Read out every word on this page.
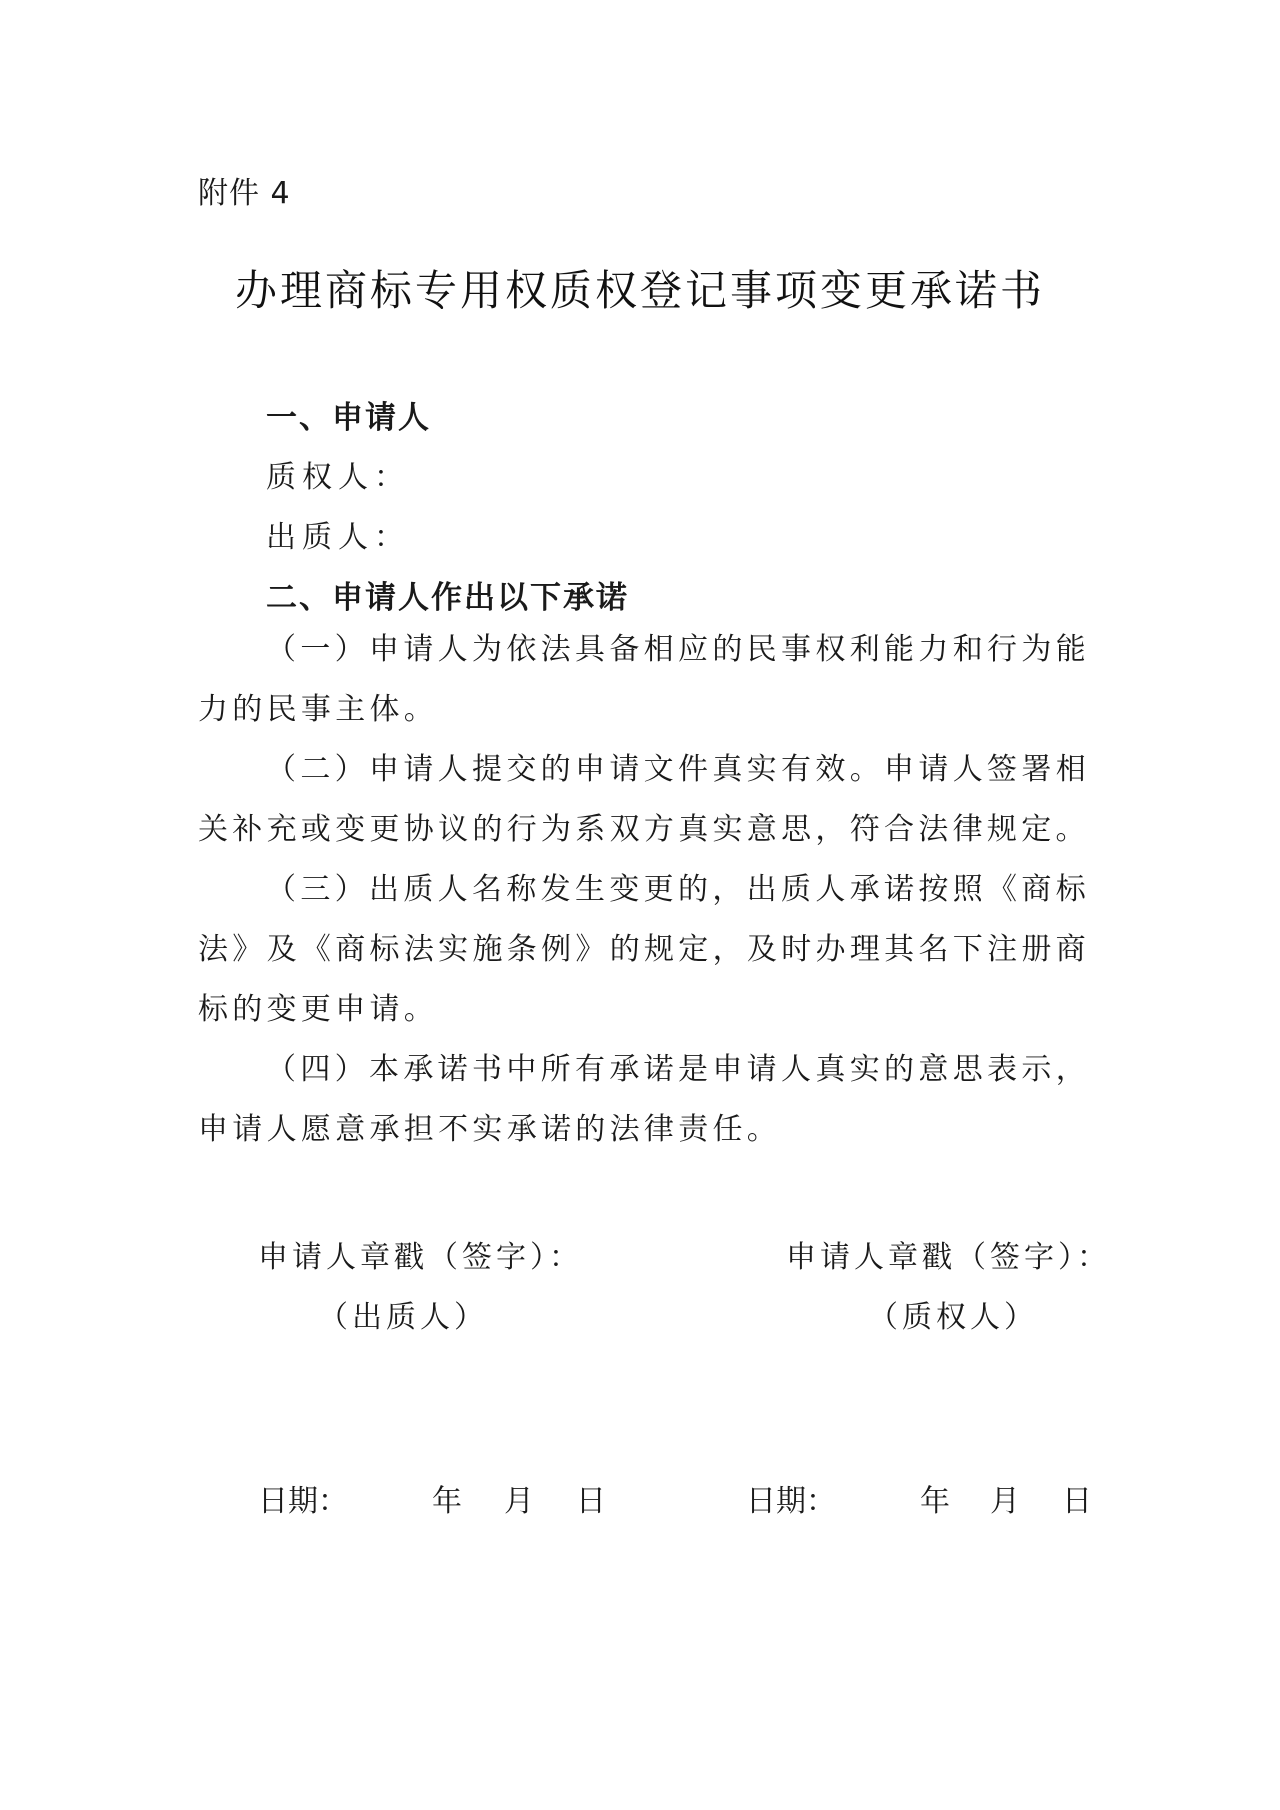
附件 4
办理商标专用权质权登记事项变更承诺书
一、申请人
质权人：
出质人：
二、申请人作出以下承诺
（一）申请人为依法具备相应的民事权利能力和行为能力的民事主体。
（二）申请人提交的申请文件真实有效。申请人签署相关补充或变更协议的行为系双方真实意思，符合法律规定。
（三）出质人名称发生变更的，出质人承诺按照《商标法》及《商标法实施条例》的规定，及时办理其名下注册商标的变更申请。
（四）本承诺书中所有承诺是申请人真实的意思表示，申请人愿意承担不实承诺的法律责任。
申请人章戳（签字）：
（出质人）
申请人章戳（签字）：
（质权人）
日期：	年 月 日	日期：	年 月 日
